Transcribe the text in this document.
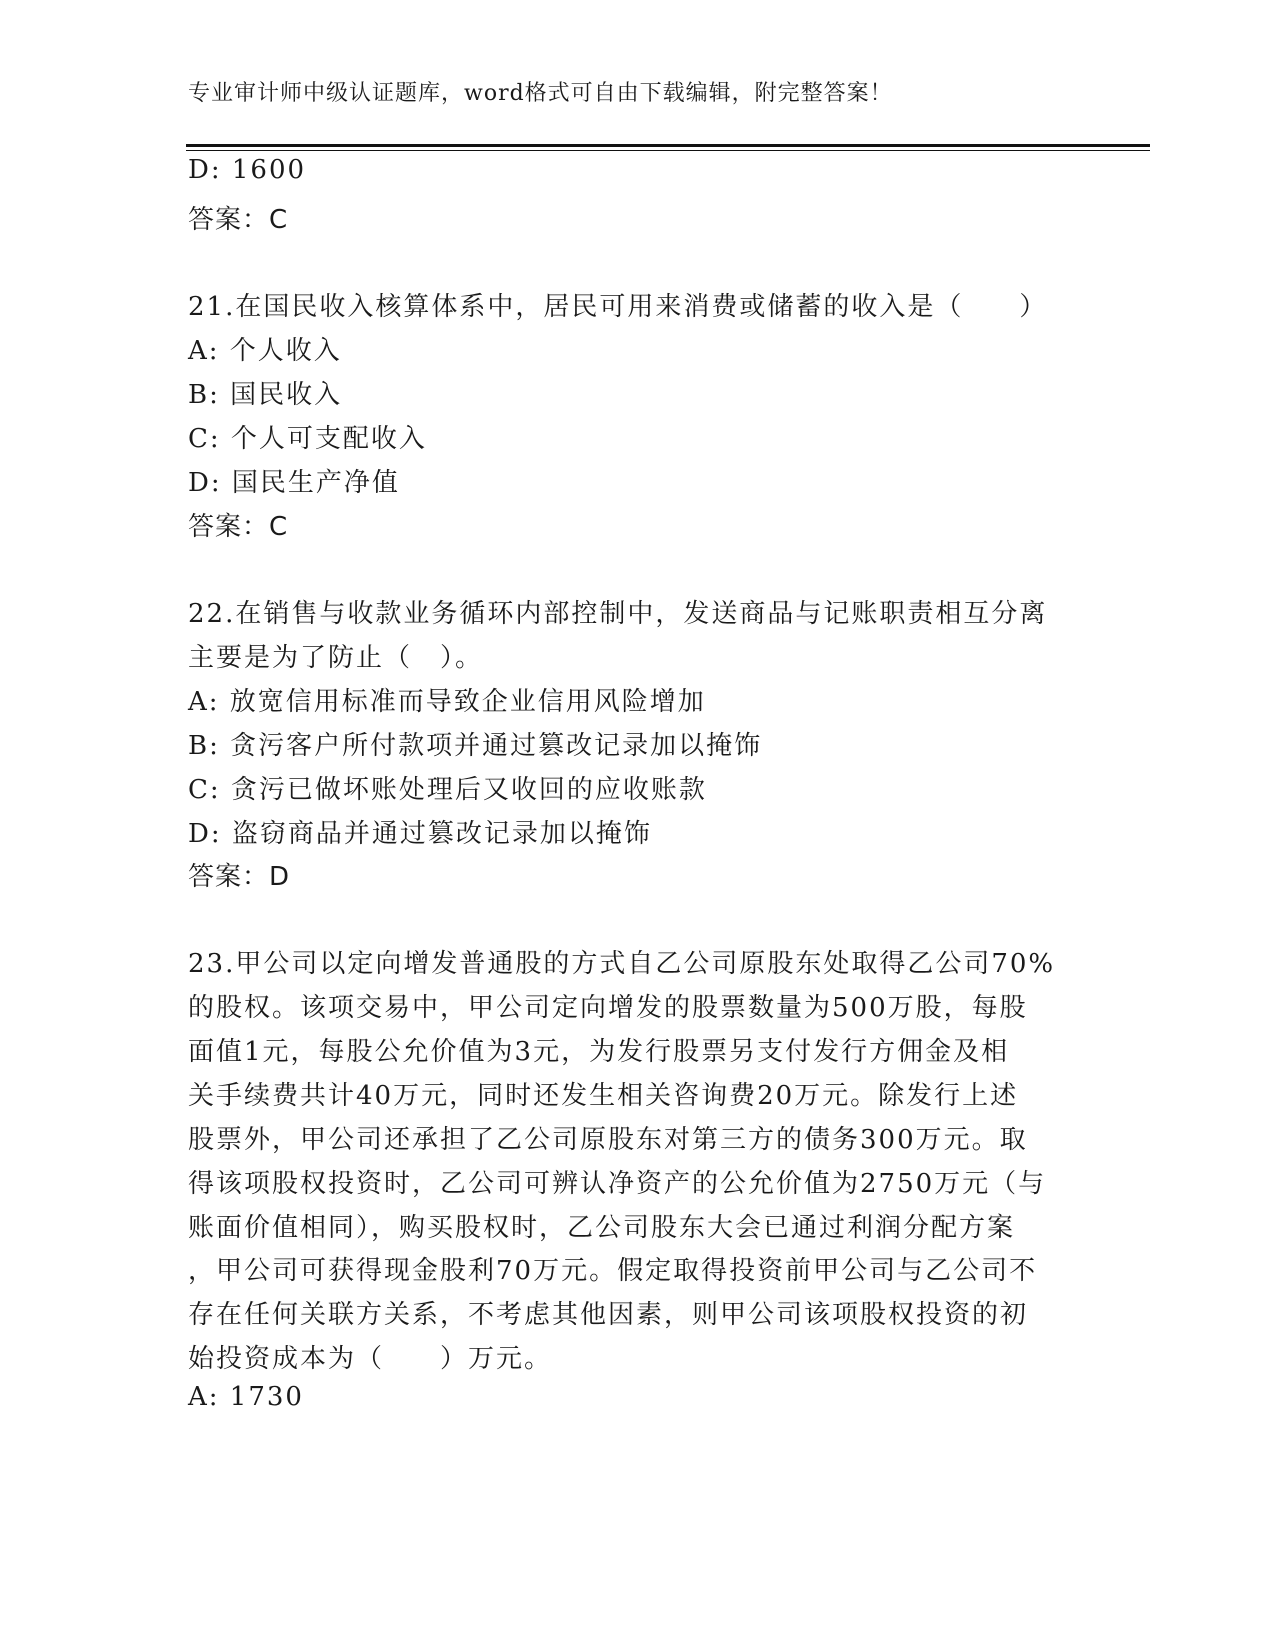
专业审计师中级认证题库，word格式可自由下载编辑，附完整答案！
D: 1600
答案：C
21.在国民收入核算体系中，居民可用来消费或储蓄的收入是（　　）
A: 个人收入
B: 国民收入
C: 个人可支配收入
D: 国民生产净值
答案：C
22.在销售与收款业务循环内部控制中，发送商品与记账职责相互分离
主要是为了防止（　）。
A: 放宽信用标准而导致企业信用风险增加
B: 贪污客户所付款项并通过篡改记录加以掩饰
C: 贪污已做坏账处理后又收回的应收账款
D: 盗窃商品并通过篡改记录加以掩饰
答案：D
23.甲公司以定向增发普通股的方式自乙公司原股东处取得乙公司70%
的股权。该项交易中，甲公司定向增发的股票数量为500万股，每股
面值1元，每股公允价值为3元，为发行股票另支付发行方佣金及相
关手续费共计40万元，同时还发生相关咨询费20万元。除发行上述
股票外，甲公司还承担了乙公司原股东对第三方的债务300万元。取
得该项股权投资时，乙公司可辨认净资产的公允价值为2750万元（与
账面价值相同），购买股权时，乙公司股东大会已通过利润分配方案
，甲公司可获得现金股利70万元。假定取得投资前甲公司与乙公司不
存在任何关联方关系，不考虑其他因素，则甲公司该项股权投资的初
始投资成本为（　　）万元。
A: 1730
